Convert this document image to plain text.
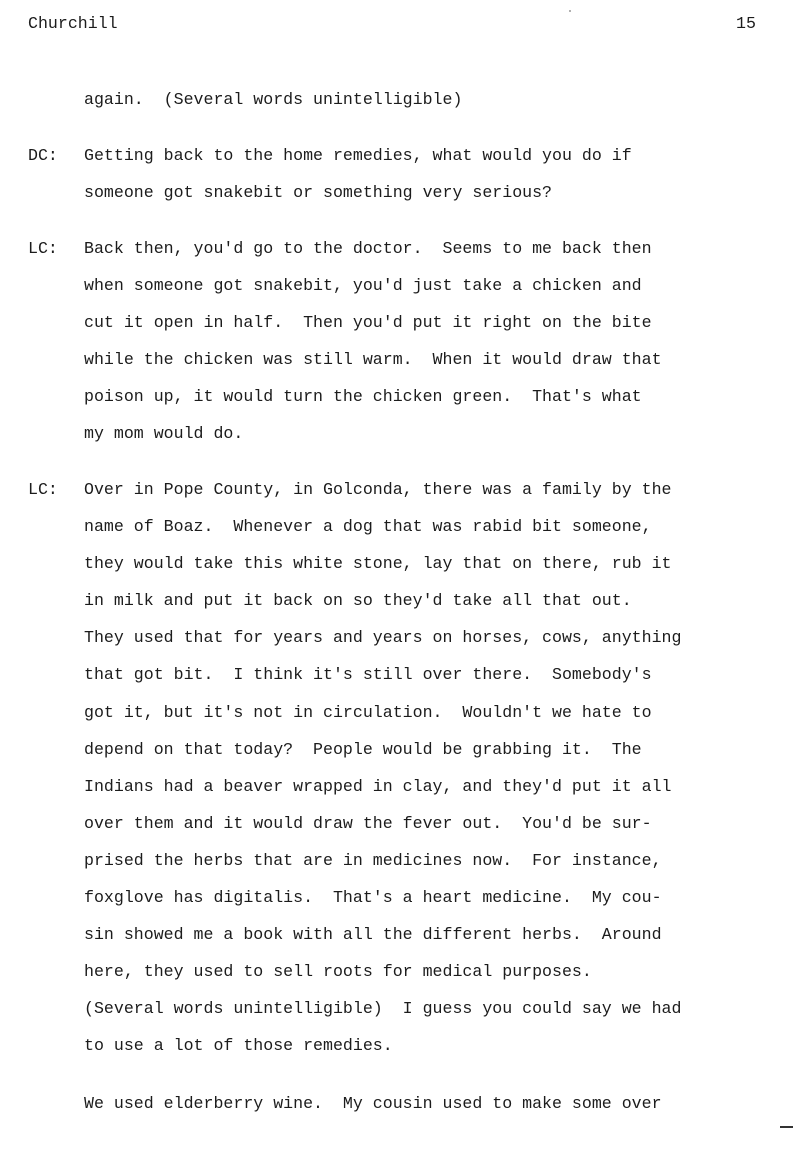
Churchill	15
again.  (Several words unintelligible)
DC: Getting back to the home remedies, what would you do if
someone got snakebit or something very serious?
LC: Back then, you'd go to the doctor.  Seems to me back then
when someone got snakebit, you'd just take a chicken and
cut it open in half.  Then you'd put it right on the bite
while the chicken was still warm.  When it would draw that
poison up, it would turn the chicken green.  That's what
my mom would do.
LC: Over in Pope County, in Golconda, there was a family by the
name of Boaz.  Whenever a dog that was rabid bit someone,
they would take this white stone, lay that on there, rub it
in milk and put it back on so they'd take all that out.
They used that for years and years on horses, cows, anything
that got bit.  I think it's still over there.  Somebody's
got it, but it's not in circulation.  Wouldn't we hate to
depend on that today?  People would be grabbing it.  The
Indians had a beaver wrapped in clay, and they'd put it all
over them and it would draw the fever out.  You'd be sur-
prised the herbs that are in medicines now.  For instance,
foxglove has digitalis.  That's a heart medicine.  My cou-
sin showed me a book with all the different herbs.  Around
here, they used to sell roots for medical purposes.
(Several words unintelligible)  I guess you could say we had
to use a lot of those remedies.
We used elderberry wine.  My cousin used to make some over
